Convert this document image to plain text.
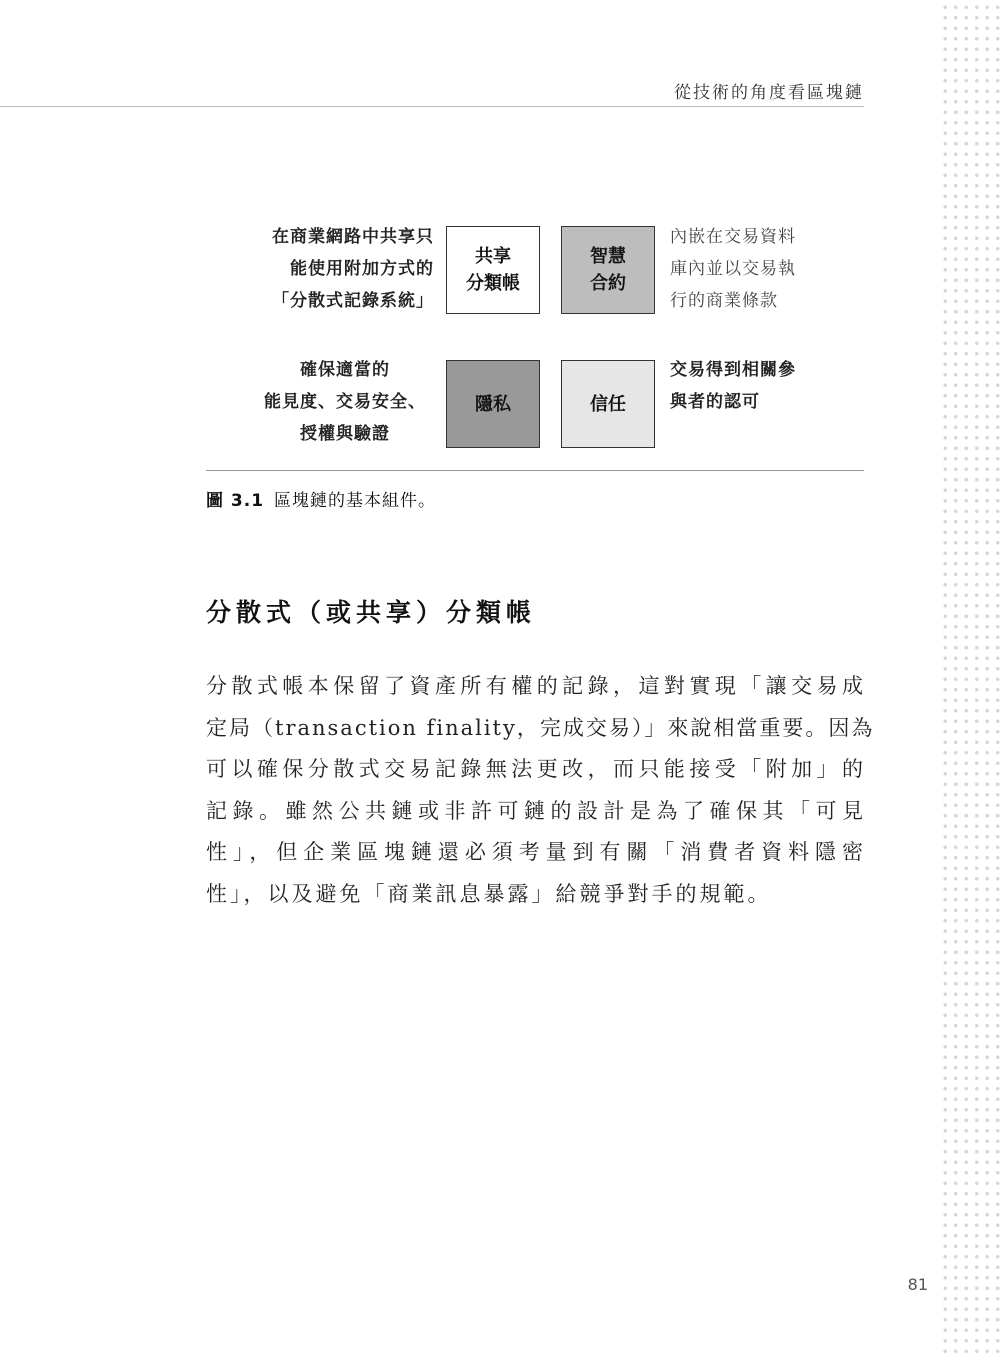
從技術的角度看區塊鏈
在商業網路中共享只
能使用附加方式的
「分散式記錄系統」
共享
分類帳
智慧
合約
內嵌在交易資料
庫內並以交易執
行的商業條款
確保適當的
能見度、交易安全、
授權與驗證
隱私	信任
交易得到相關參
與者的認可
圖 3.1 區塊鏈的基本組件。
分散式（或共享）分類帳
分散式帳本保留了資產所有權的記錄，這對實現「讓交易成
定局（transaction finality，完成交易）」來說相當重要。因為
可以確保分散式交易記錄無法更改，而只能接受「附加」的
記錄。雖然公共鏈或非許可鏈的設計是為了確保其「可見
性」，但企業區塊鏈還必須考量到有關「消費者資料隱密
性」，以及避免「商業訊息暴露」給競爭對手的規範。
81
